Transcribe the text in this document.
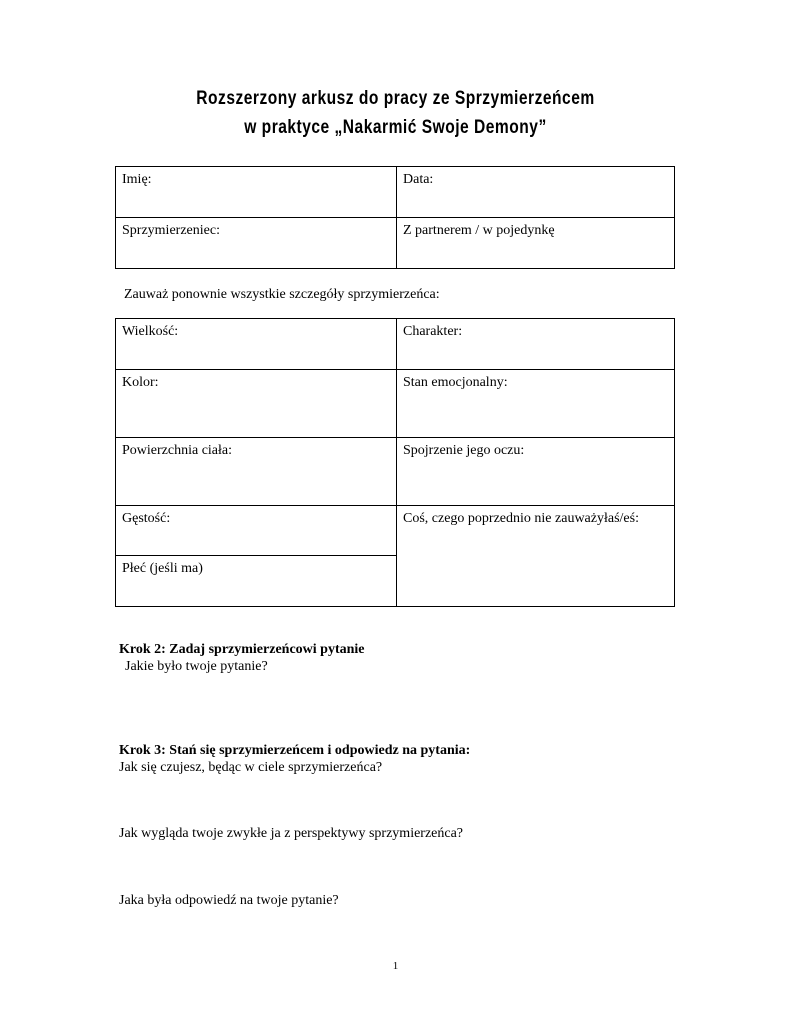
Rozszerzony arkusz do pracy ze Sprzymierzeńcem
w praktyce „Nakarmić Swoje Demony”
Imię:	Data:
Sprzymierzeniec:	Z partnerem / w pojedynkę
Zauważ ponownie wszystkie szczegóły sprzymierzeńca:
Wielkość:	Charakter:
Kolor:	Stan emocjonalny:
Powierzchnia ciała:	Spojrzenie jego oczu:
Gęstość:	Coś, czego poprzednio nie zauważyłaś/eś:
Płeć (jeśli ma)	
Krok 2: Zadaj sprzymierzeńcowi pytanie
Jakie było twoje pytanie?
Krok 3: Stań się sprzymierzeńcem i odpowiedz na pytania:
Jak się czujesz, będąc w ciele sprzymierzeńca?
Jak wygląda twoje zwykłe ja z perspektywy sprzymierzeńca?
Jaka była odpowiedź na twoje pytanie?
1
